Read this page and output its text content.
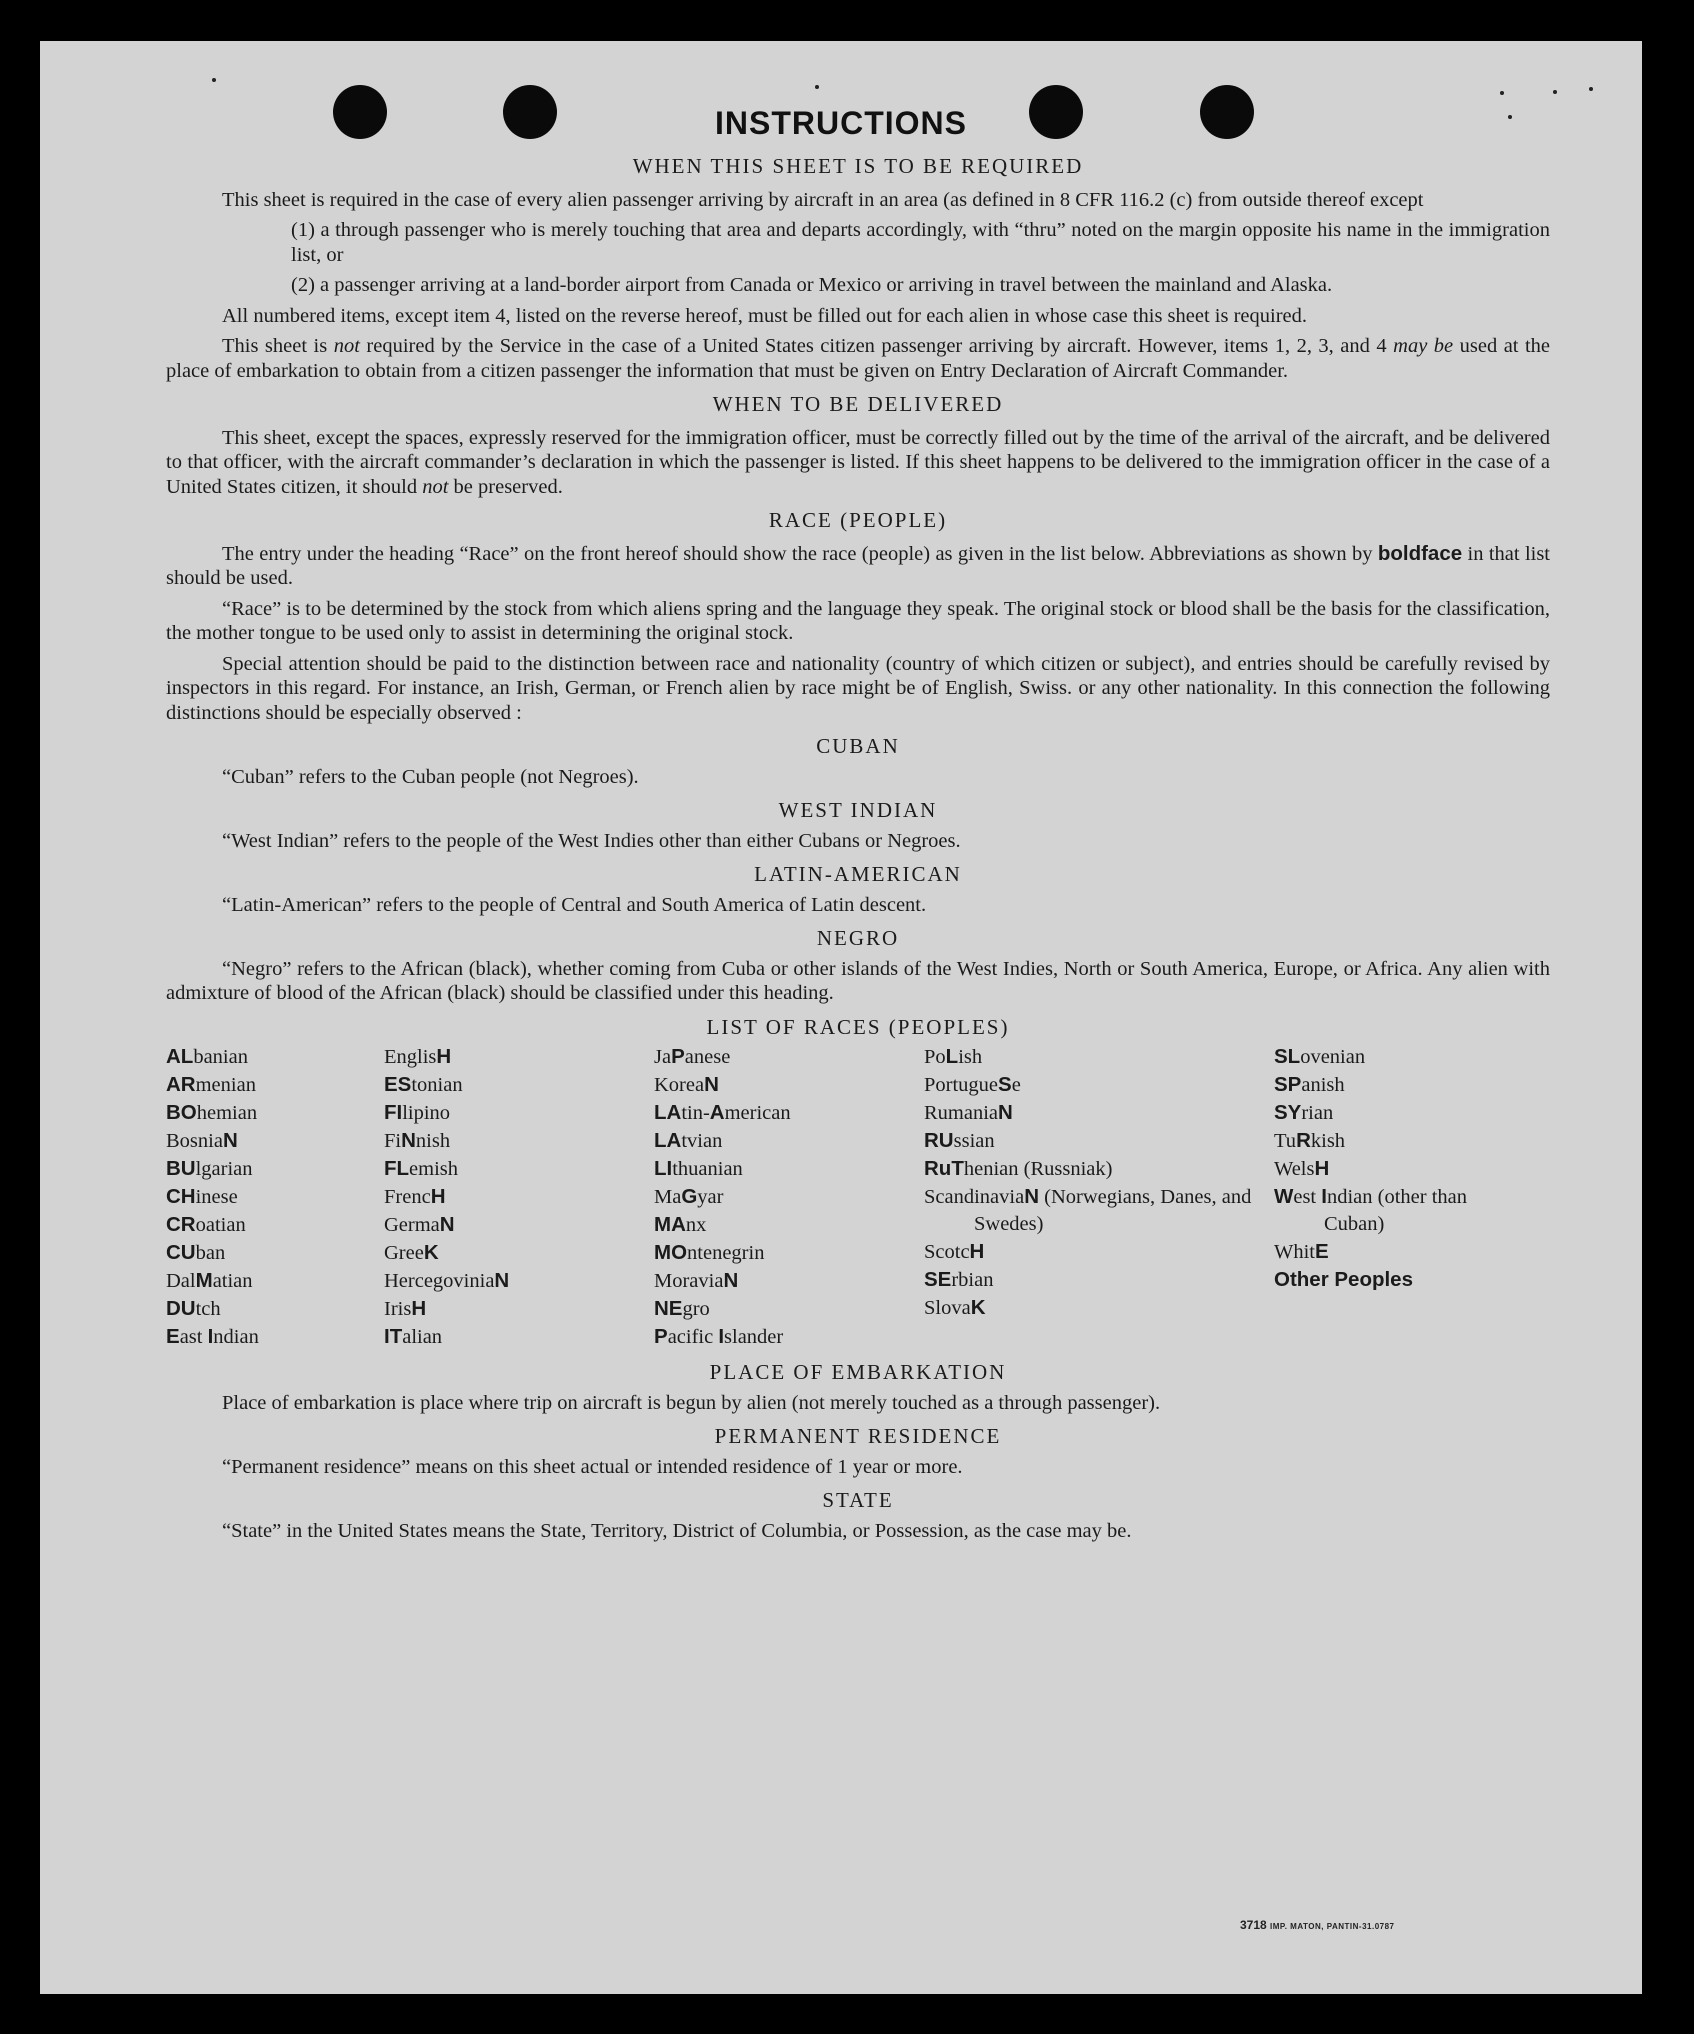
INSTRUCTIONS

WHEN THIS SHEET IS TO BE REQUIRED

This sheet is required in the case of every alien passenger arriving by aircraft in an area (as defined in 8 CFR 116.2 (c) from outside thereof except

(1) a through passenger who is merely touching that area and departs accordingly, with “thru” noted on the margin opposite his name in the immigration list, or

(2) a passenger arriving at a land-border airport from Canada or Mexico or arriving in travel between the mainland and Alaska.

All numbered items, except item 4, listed on the reverse hereof, must be filled out for each alien in whose case this sheet is required.

This sheet is not required by the Service in the case of a United States citizen passenger arriving by aircraft. However, items 1, 2, 3, and 4 may be used at the place of embarkation to obtain from a citizen passenger the information that must be given on Entry Declaration of Aircraft Commander.

WHEN TO BE DELIVERED

This sheet, except the spaces, expressly reserved for the immigration officer, must be correctly filled out by the time of the arrival of the aircraft, and be delivered to that officer, with the aircraft commander’s declaration in which the passenger is listed. If this sheet happens to be delivered to the immigration officer in the case of a United States citizen, it should not be preserved.

RACE (PEOPLE)

The entry under the heading “Race” on the front hereof should show the race (people) as given in the list below. Abbreviations as shown by boldface in that list should be used.

“Race” is to be determined by the stock from which aliens spring and the language they speak. The original stock or blood shall be the basis for the classification, the mother tongue to be used only to assist in determining the original stock.

Special attention should be paid to the distinction between race and nationality (country of which citizen or subject), and entries should be carefully revised by inspectors in this regard. For instance, an Irish, German, or French alien by race might be of English, Swiss. or any other nationality. In this connection the following distinctions should be especially observed :

CUBAN

“Cuban” refers to the Cuban people (not Negroes).

WEST INDIAN

“West Indian” refers to the people of the West Indies other than either Cubans or Negroes.

LATIN-AMERICAN

“Latin-American” refers to the people of Central and South America of Latin descent.

NEGRO

“Negro” refers to the African (black), whether coming from Cuba or other islands of the West Indies, North or South America, Europe, or Africa. Any alien with admixture of blood of the African (black) should be classified under this heading.

LIST OF RACES (PEOPLES)

ALbanian
ARmenian
BOhemian
BosniaN
BUlgarian
CHinese
CRoatian
CUban
DalMatian
DUtch
East Indian
EnglisH
EStonian
FIlipino
FiNnish
FLemish
FrencH
GermaN
GreeK
HercegoviniaN
IrisH
ITalian
JaPanese
KoreaN
LAtin-American
LAtvian
LIthuanian
MaGyar
MAnx
MOntenegrin
MoraviaN
NEgro
Pacific Islander
PoLish
PortugueSe
RumaniaN
RUssian
RuThenian (Russniak)
ScandinaviaN (Norwegians, Danes, and Swedes)
ScotcH
SErbian
SlovaK
SLovenian
SPanish
SYrian
TuRkish
WelsH
West Indian (other than Cuban)
WhitE
Other Peoples

PLACE OF EMBARKATION

Place of embarkation is place where trip on aircraft is begun by alien (not merely touched as a through passenger).

PERMANENT RESIDENCE

“Permanent residence” means on this sheet actual or intended residence of 1 year or more.

STATE

“State” in the United States means the State, Territory, District of Columbia, or Possession, as the case may be.

3718 IMP. MATON, PANTIN-31.0787
